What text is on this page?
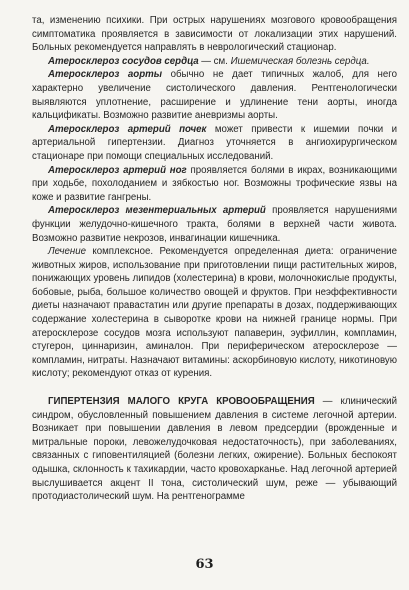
та, изменению психики. При острых нарушениях мозгового кровообращения симптоматика проявляется в зависимости от локализации этих нарушений. Больных рекомендуется направлять в неврологический стационар.

Атеросклероз сосудов сердца — см. Ишемическая болезнь сердца.

Атеросклероз аорты обычно не дает типичных жалоб, для него характерно увеличение систолического давления. Рентгенологически выявляются уплотнение, расширение и удлинение тени аорты, иногда кальцификаты. Возможно развитие аневризмы аорты.

Атеросклероз артерий почек может привести к ишемии почки и артериальной гипертензии. Диагноз уточняется в ангиохирургическом стационаре при помощи специальных исследований.

Атеросклероз артерий ног проявляется болями в икрах, возникающими при ходьбе, похолоданием и зябкостью ног. Возможны трофические язвы на коже и развитие гангрены.

Атеросклероз мезентериальных артерий проявляется нарушениями функции желудочно-кишечного тракта, болями в верхней части живота. Возможно развитие некрозов, инвагинации кишечника.

Лечение комплексное. Рекомендуется определенная диета: ограничение животных жиров, использование при приготовлении пищи растительных жиров, понижающих уровень липидов (холестерина) в крови, молочнокислые продукты, бобовые, рыба, большое количество овощей и фруктов. При неэффективности диеты назначают правастатин или другие препараты в дозах, поддерживающих содержание холестерина в сыворотке крови на нижней границе нормы. При атеросклерозе сосудов мозга используют папаверин, эуфиллин, компламин, стугерон, циннаризин, аминалон. При периферическом атеросклерозе — компламин, нитраты. Назначают витамины: аскорбиновую кислоту, никотиновую кислоту; рекомендуют отказ от курения.

ГИПЕРТЕНЗИЯ МАЛОГО КРУГА КРОВООБРАЩЕНИЯ — клинический синдром, обусловленный повышением давления в системе легочной артерии. Возникает при повышении давления в левом предсердии (врожденные и митральные пороки, левожелудочковая недостаточность), при заболеваниях, связанных с гиповентиляцией (болезни легких, ожирение). Больных беспокоят одышка, склонность к тахикардии, часто кровохарканье. Над легочной артерией выслушивается акцент II тона, систолический шум, реже — убывающий протодиастолический шум. На рентгенограмме

63
